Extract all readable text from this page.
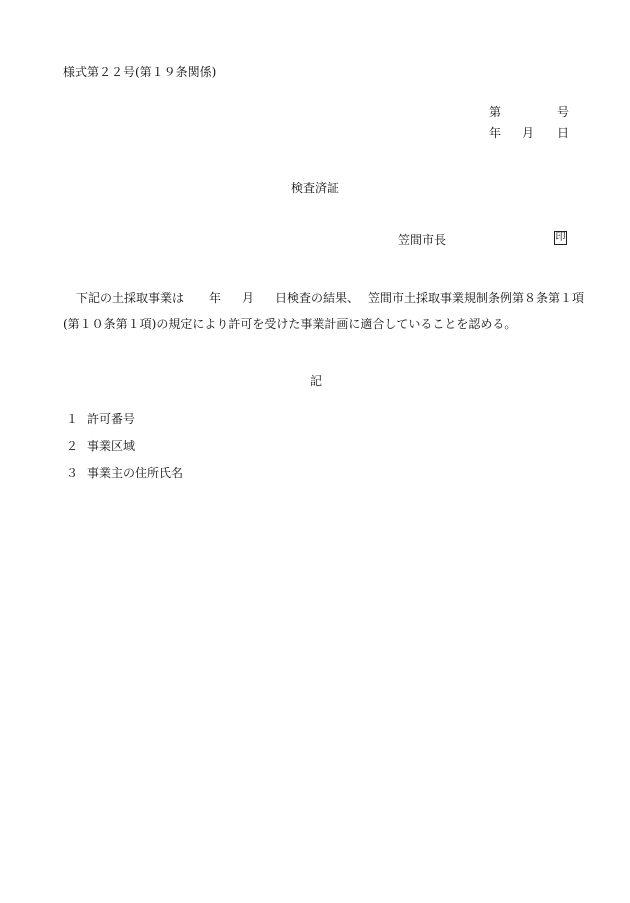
様式第２２号(第１９条関係)
第	号
年 月 日
検査済証
笠間市長	印
下記の土採取事業は 年 月 日検査の結果、 笠間市土採取事業規制条例第８条第１項
(第１０条第１項)の規定により許可を受けた事業計画に適合していることを認める。
記
１ 許可番号
２ 事業区域
３ 事業主の住所氏名
